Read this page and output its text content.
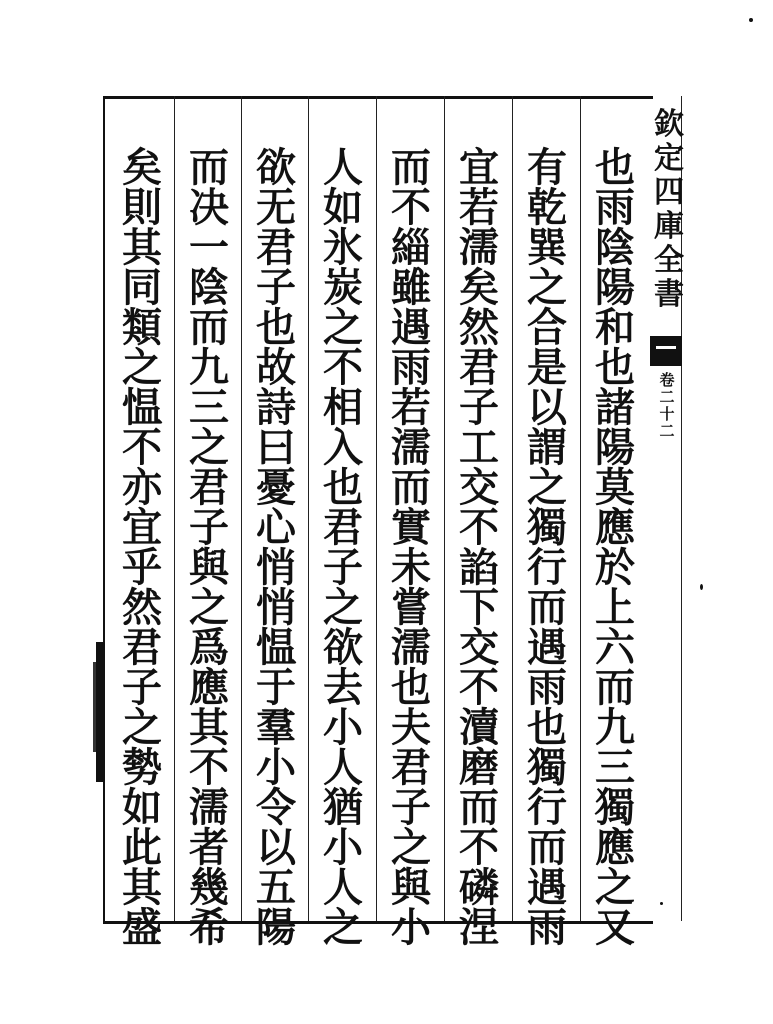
欽
定
四
庫
全
書
卷
二
十
二
也
雨
陰
陽
和
也
諸
陽
莫
應
於
上
六
而
九
三
獨
應
之
又
有
乾
巽
之
合
是
以
謂
之
獨
行
而
遇
雨
也
獨
行
而
遇
雨
宜
若
濡
矣
然
君
子
工
交
不
諂
下
交
不
瀆
磨
而
不
磷
涅
而
不
緇
雖
遇
雨
若
濡
而
實
未
嘗
濡
也
夫
君
子
之
與
小
人
如
氷
炭
之
不
相
入
也
君
子
之
欲
去
小
人
猶
小
人
之
欲
无
君
子
也
故
詩
曰
憂
心
悄
悄
愠
于
羣
小
令
以
五
陽
而
决
一
陰
而
九
三
之
君
子
與
之
爲
應
其
不
濡
者
幾
希
矣
則
其
同
類
之
愠
不
亦
宜
乎
然
君
子
之
勢
如
此
其
盛
